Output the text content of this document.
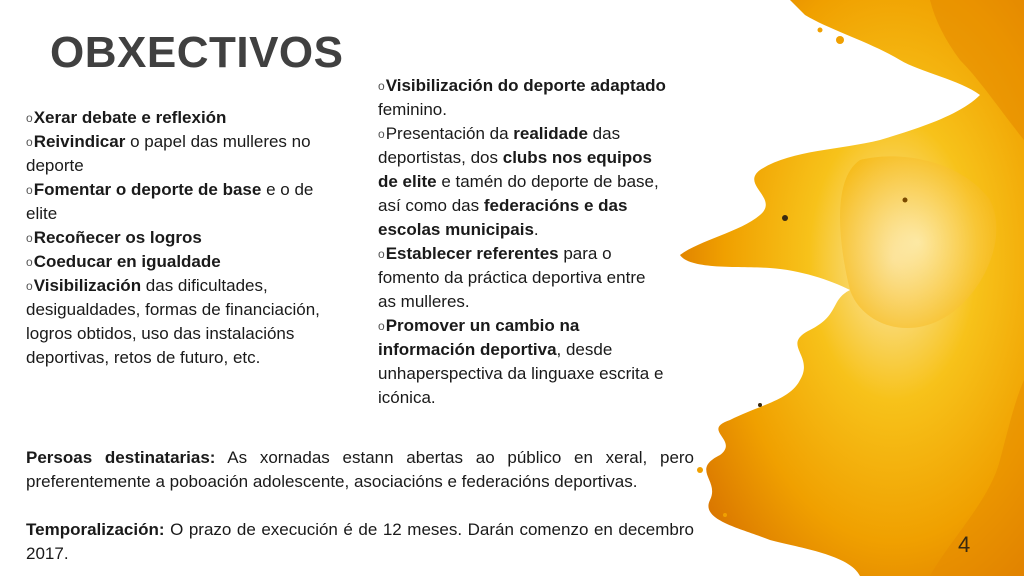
OBXECTIVOS

oXerar debate e reflexión

oReivindicar o papel das mulleres no deporte

oFomentar o deporte de base e o de elite

oRecoñecer os logros

oCoeducar en igualdade

oVisibilización das dificultades, desigualdades, formas de financiación, logros obtidos, uso das instalacións deportivas, retos de futuro, etc.

oVisibilización do deporte adaptado feminino.

oPresentación da realidade das deportistas, dos clubs nos equipos de elite e tamén do deporte de base, así como das federacións e das escolas municipais.

oEstablecer referentes para o fomento da práctica deportiva entre as mulleres.

oPromover un cambio na información deportiva, desde unhaperspectiva da linguaxe escrita e icónica.

Persoas destinatarias: As xornadas estann abertas ao público en xeral, pero preferentemente a poboación adolescente, asociacións e federacións deportivas.

Temporalización: O prazo de execución é de 12 meses. Darán comenzo en decembro 2017.	4
